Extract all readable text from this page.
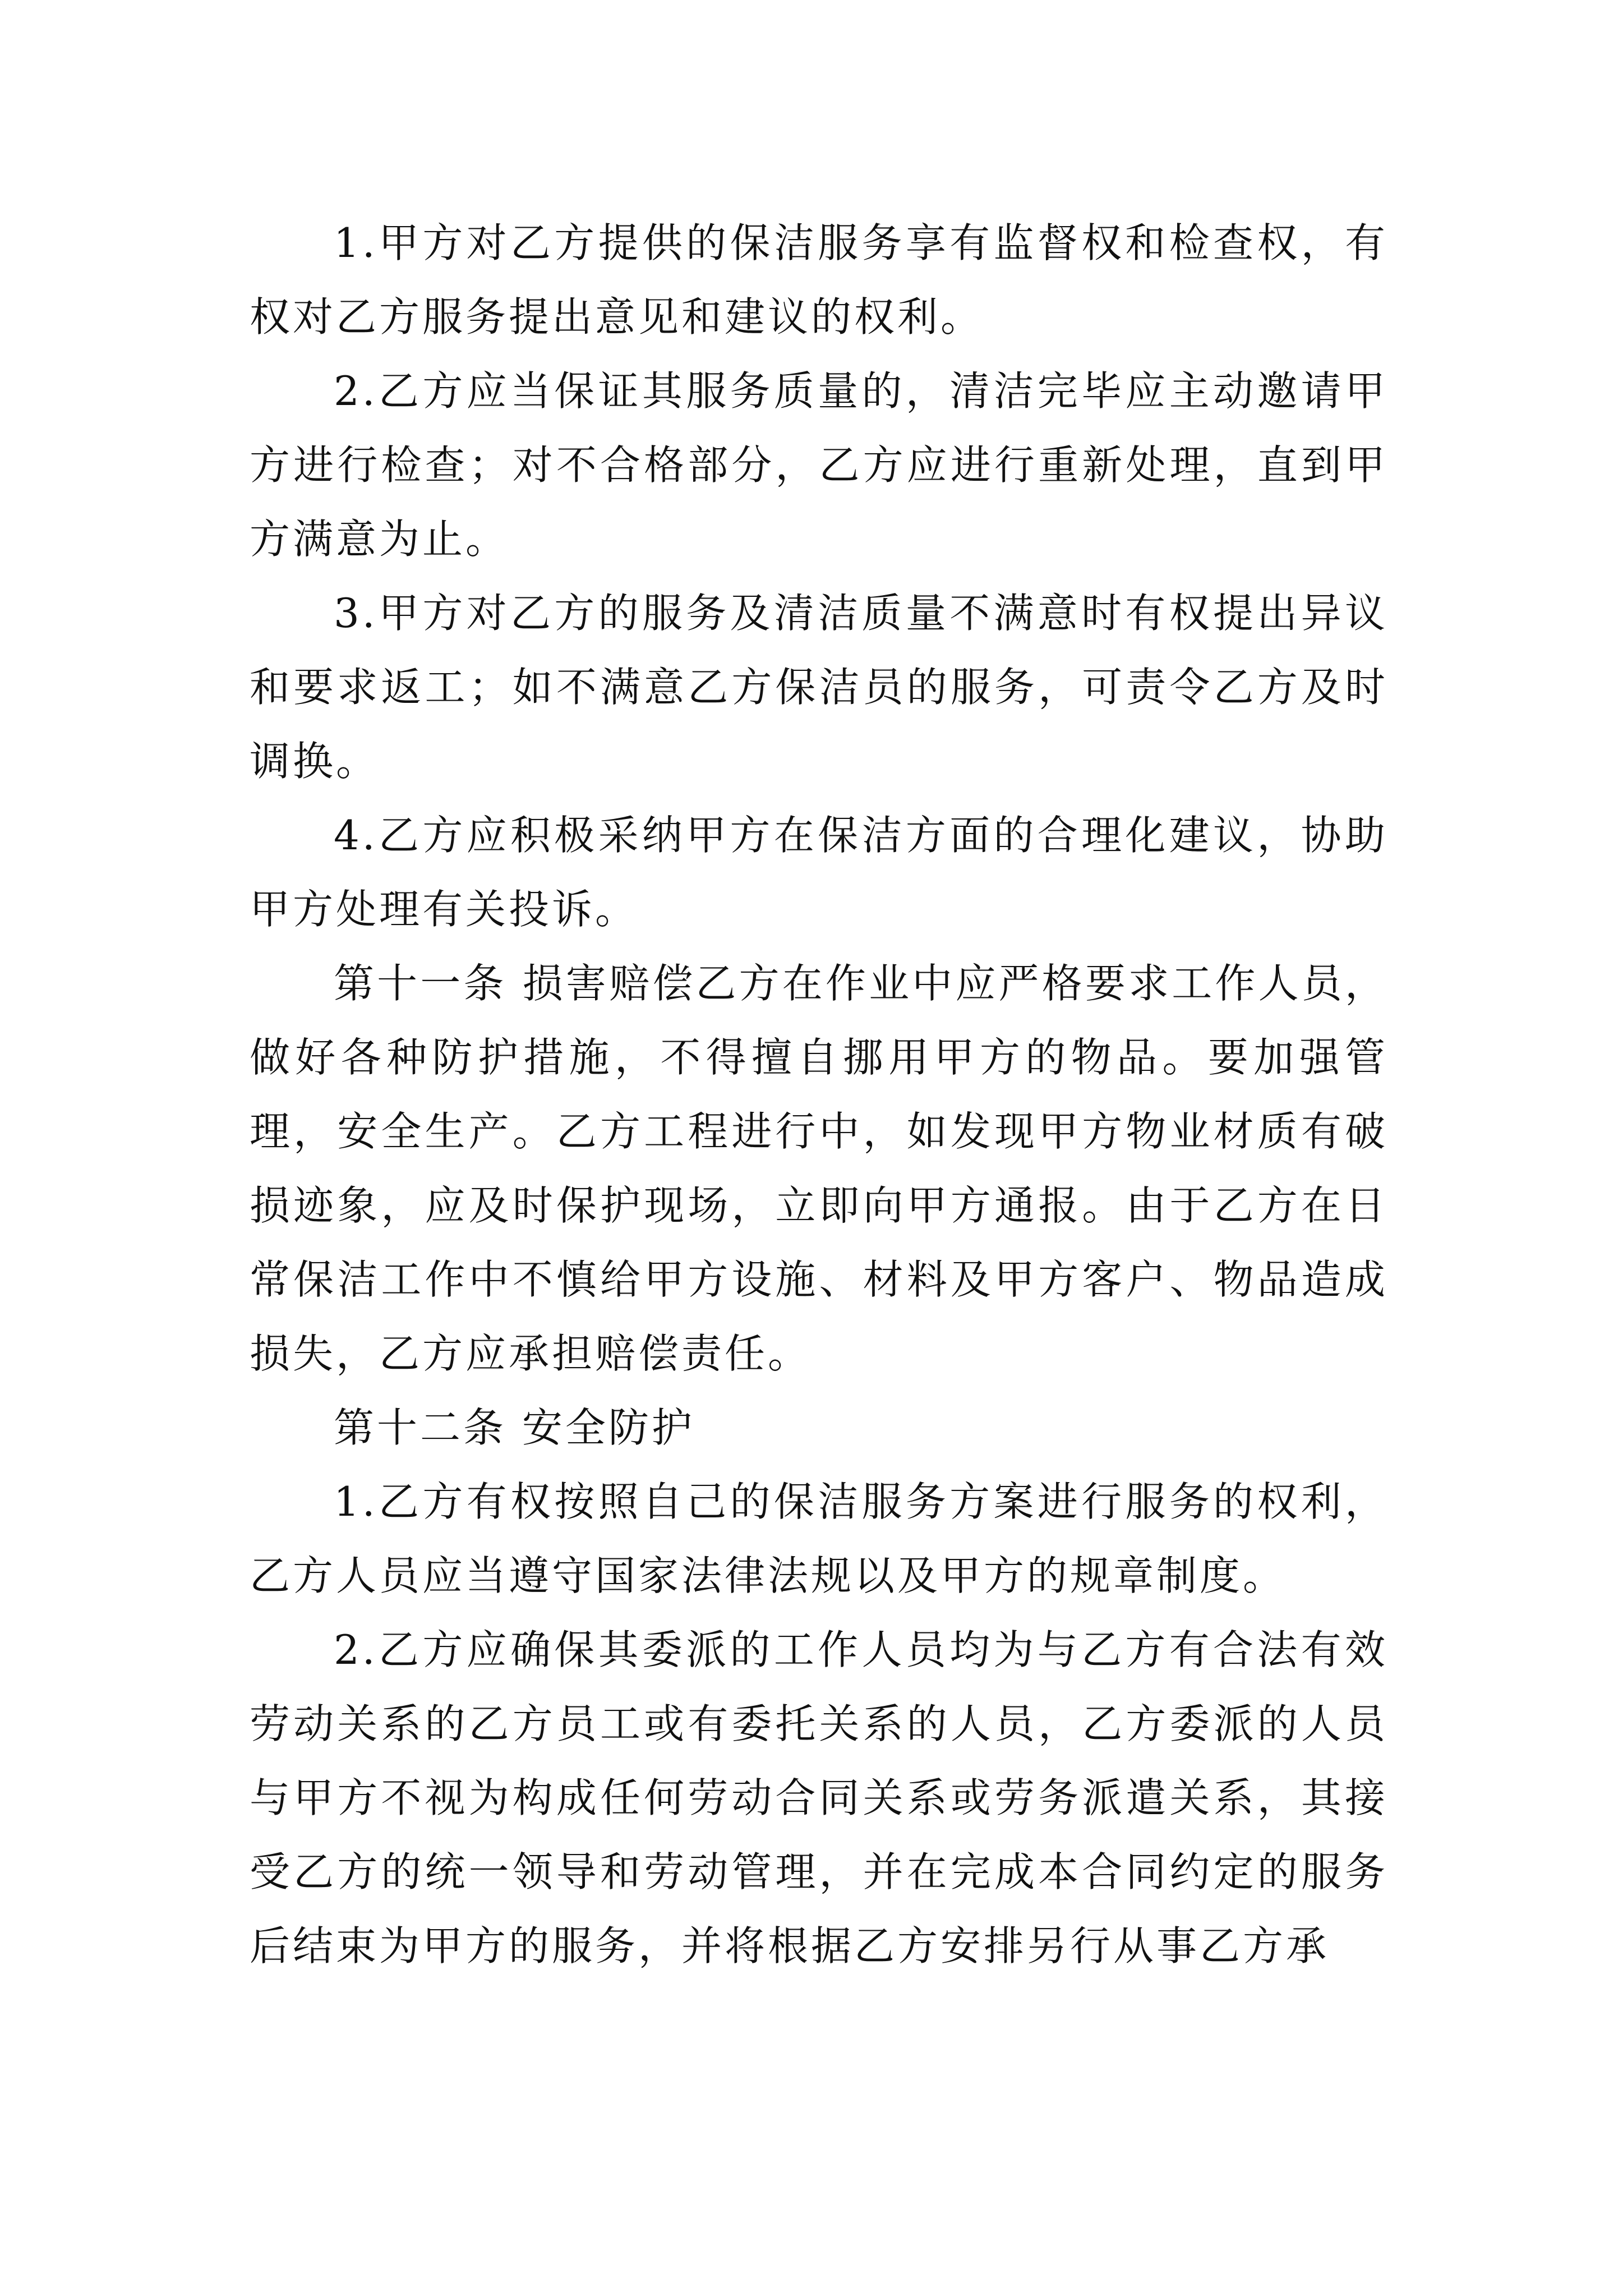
1.甲方对乙方提供的保洁服务享有监督权和检查权，有权对乙方服务提出意见和建议的权利。

2.乙方应当保证其服务质量的，清洁完毕应主动邀请甲方进行检查；对不合格部分，乙方应进行重新处理，直到甲方满意为止。

3.甲方对乙方的服务及清洁质量不满意时有权提出异议和要求返工；如不满意乙方保洁员的服务，可责令乙方及时调换。

4.乙方应积极采纳甲方在保洁方面的合理化建议，协助甲方处理有关投诉。

第十一条 损害赔偿乙方在作业中应严格要求工作人员，做好各种防护措施，不得擅自挪用甲方的物品。要加强管理，安全生产。乙方工程进行中，如发现甲方物业材质有破损迹象，应及时保护现场，立即向甲方通报。由于乙方在日常保洁工作中不慎给甲方设施、材料及甲方客户、物品造成损失，乙方应承担赔偿责任。

第十二条 安全防护

1.乙方有权按照自己的保洁服务方案进行服务的权利，乙方人员应当遵守国家法律法规以及甲方的规章制度。

2.乙方应确保其委派的工作人员均为与乙方有合法有效劳动关系的乙方员工或有委托关系的人员，乙方委派的人员与甲方不视为构成任何劳动合同关系或劳务派遣关系，其接受乙方的统一领导和劳动管理，并在完成本合同约定的服务后结束为甲方的服务，并将根据乙方安排另行从事乙方承
